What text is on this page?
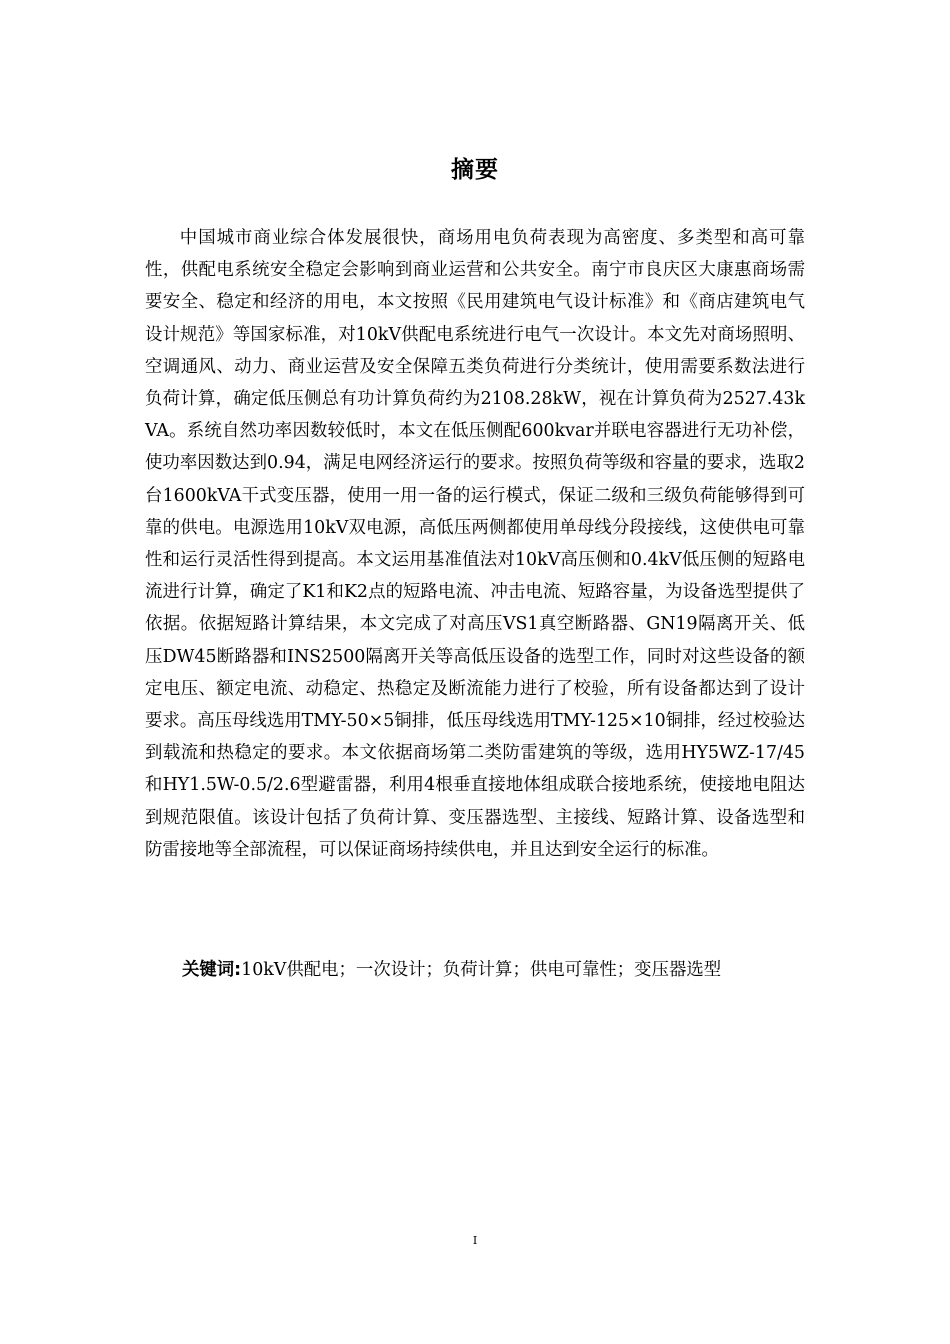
摘要

中国城市商业综合体发展很快，商场用电负荷表现为高密度、多类型和高可靠性，供配电系统安全稳定会影响到商业运营和公共安全。南宁市良庆区大康惠商场需要安全、稳定和经济的用电，本文按照《民用建筑电气设计标准》和《商店建筑电气设计规范》等国家标准，对10kV供配电系统进行电气一次设计。本文先对商场照明、空调通风、动力、商业运营及安全保障五类负荷进行分类统计，使用需要系数法进行负荷计算，确定低压侧总有功计算负荷约为2108.28kW，视在计算负荷为2527.43kVA。系统自然功率因数较低时，本文在低压侧配600kvar并联电容器进行无功补偿，使功率因数达到0.94，满足电网经济运行的要求。按照负荷等级和容量的要求，选取2台1600kVA干式变压器，使用一用一备的运行模式，保证二级和三级负荷能够得到可靠的供电。电源选用10kV双电源，高低压两侧都使用单母线分段接线，这使供电可靠性和运行灵活性得到提高。本文运用基准值法对10kV高压侧和0.4kV低压侧的短路电流进行计算，确定了K1和K2点的短路电流、冲击电流、短路容量，为设备选型提供了依据。依据短路计算结果，本文完成了对高压VS1真空断路器、GN19隔离开关、低压DW45断路器和INS2500隔离开关等高低压设备的选型工作，同时对这些设备的额定电压、额定电流、动稳定、热稳定及断流能力进行了校验，所有设备都达到了设计要求。高压母线选用TMY-50×5铜排，低压母线选用TMY-125×10铜排，经过校验达到载流和热稳定的要求。本文依据商场第二类防雷建筑的等级，选用HY5WZ-17/45和HY1.5W-0.5/2.6型避雷器，利用4根垂直接地体组成联合接地系统，使接地电阻达到规范限值。该设计包括了负荷计算、变压器选型、主接线、短路计算、设备选型和防雷接地等全部流程，可以保证商场持续供电，并且达到安全运行的标准。

关键词:10kV供配电；一次设计；负荷计算；供电可靠性；变压器选型

I
